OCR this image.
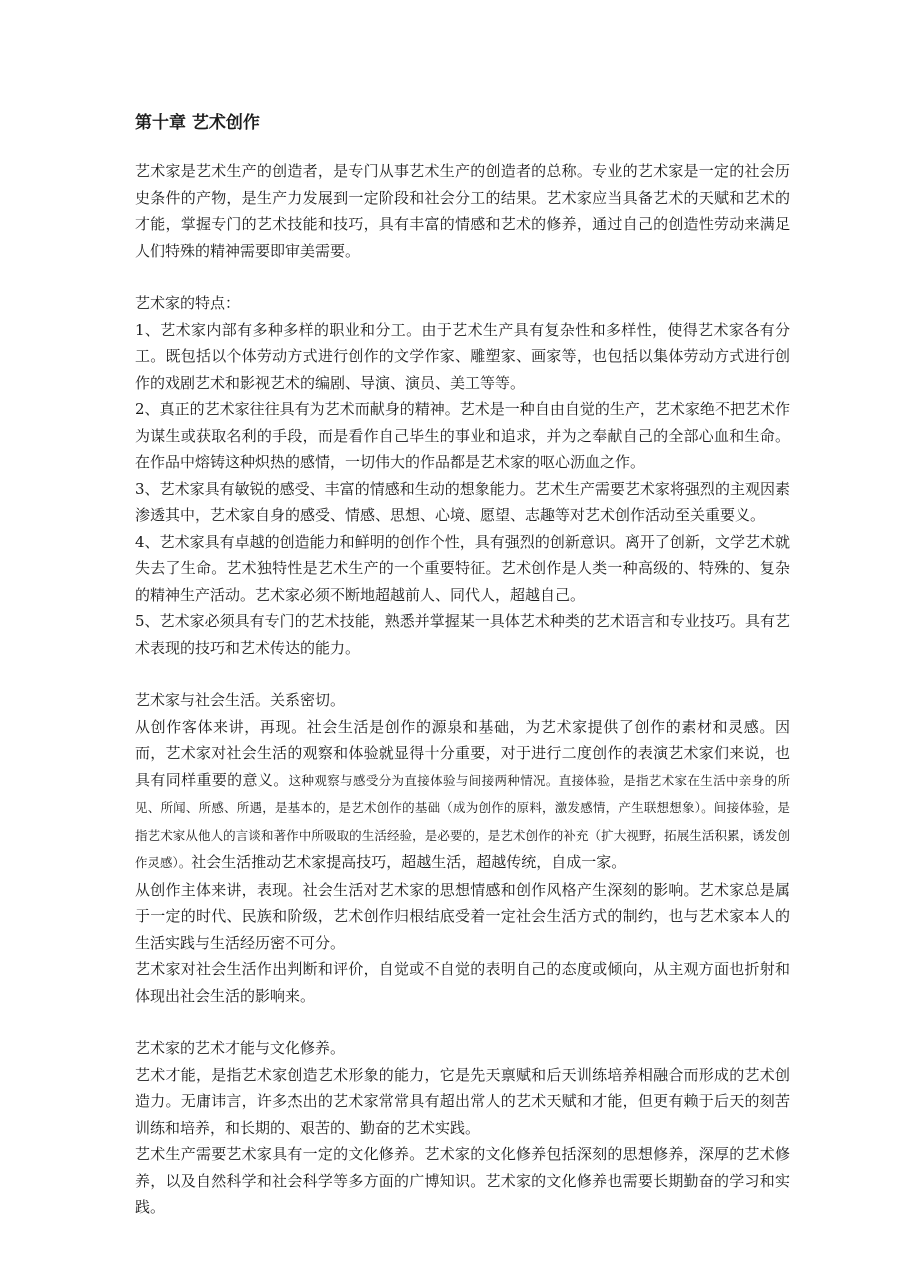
第十章 艺术创作

艺术家是艺术生产的创造者，是专门从事艺术生产的创造者的总称。专业的艺术家是一定的社会历史条件的产物，是生产力发展到一定阶段和社会分工的结果。艺术家应当具备艺术的天赋和艺术的才能，掌握专门的艺术技能和技巧，具有丰富的情感和艺术的修养，通过自己的创造性劳动来满足人们特殊的精神需要即审美需要。

艺术家的特点：

1、艺术家内部有多种多样的职业和分工。由于艺术生产具有复杂性和多样性，使得艺术家各有分工。既包括以个体劳动方式进行创作的文学作家、雕塑家、画家等，也包括以集体劳动方式进行创作的戏剧艺术和影视艺术的编剧、导演、演员、美工等等。

2、真正的艺术家往往具有为艺术而献身的精神。艺术是一种自由自觉的生产，艺术家绝不把艺术作为谋生或获取名利的手段，而是看作自己毕生的事业和追求，并为之奉献自己的全部心血和生命。在作品中熔铸这种炽热的感情，一切伟大的作品都是艺术家的呕心沥血之作。

3、艺术家具有敏锐的感受、丰富的情感和生动的想象能力。艺术生产需要艺术家将强烈的主观因素渗透其中，艺术家自身的感受、情感、思想、心境、愿望、志趣等对艺术创作活动至关重要义。

4、艺术家具有卓越的创造能力和鲜明的创作个性，具有强烈的创新意识。离开了创新，文学艺术就失去了生命。艺术独特性是艺术生产的一个重要特征。艺术创作是人类一种高级的、特殊的、复杂的精神生产活动。艺术家必须不断地超越前人、同代人，超越自己。

5、艺术家必须具有专门的艺术技能，熟悉并掌握某一具体艺术种类的艺术语言和专业技巧。具有艺术表现的技巧和艺术传达的能力。

艺术家与社会生活。关系密切。

从创作客体来讲，再现。社会生活是创作的源泉和基础，为艺术家提供了创作的素材和灵感。因而，艺术家对社会生活的观察和体验就显得十分重要，对于进行二度创作的表演艺术家们来说，也具有同样重要的意义。这种观察与感受分为直接体验与间接两种情况。直接体验，是指艺术家在生活中亲身的所见、所闻、所感、所遇，是基本的，是艺术创作的基础（成为创作的原料，激发感情，产生联想想象）。间接体验，是指艺术家从他人的言谈和著作中所吸取的生活经验，是必要的，是艺术创作的补充（扩大视野，拓展生活积累，诱发创作灵感）。社会生活推动艺术家提高技巧，超越生活，超越传统，自成一家。

从创作主体来讲，表现。社会生活对艺术家的思想情感和创作风格产生深刻的影响。艺术家总是属于一定的时代、民族和阶级，艺术创作归根结底受着一定社会生活方式的制约，也与艺术家本人的生活实践与生活经历密不可分。

艺术家对社会生活作出判断和评价，自觉或不自觉的表明自己的态度或倾向，从主观方面也折射和体现出社会生活的影响来。

艺术家的艺术才能与文化修养。

艺术才能，是指艺术家创造艺术形象的能力，它是先天禀赋和后天训练培养相融合而形成的艺术创造力。无庸讳言，许多杰出的艺术家常常具有超出常人的艺术天赋和才能，但更有赖于后天的刻苦训练和培养，和长期的、艰苦的、勤奋的艺术实践。

艺术生产需要艺术家具有一定的文化修养。艺术家的文化修养包括深刻的思想修养，深厚的艺术修养，以及自然科学和社会科学等多方面的广博知识。艺术家的文化修养也需要长期勤奋的学习和实践。
